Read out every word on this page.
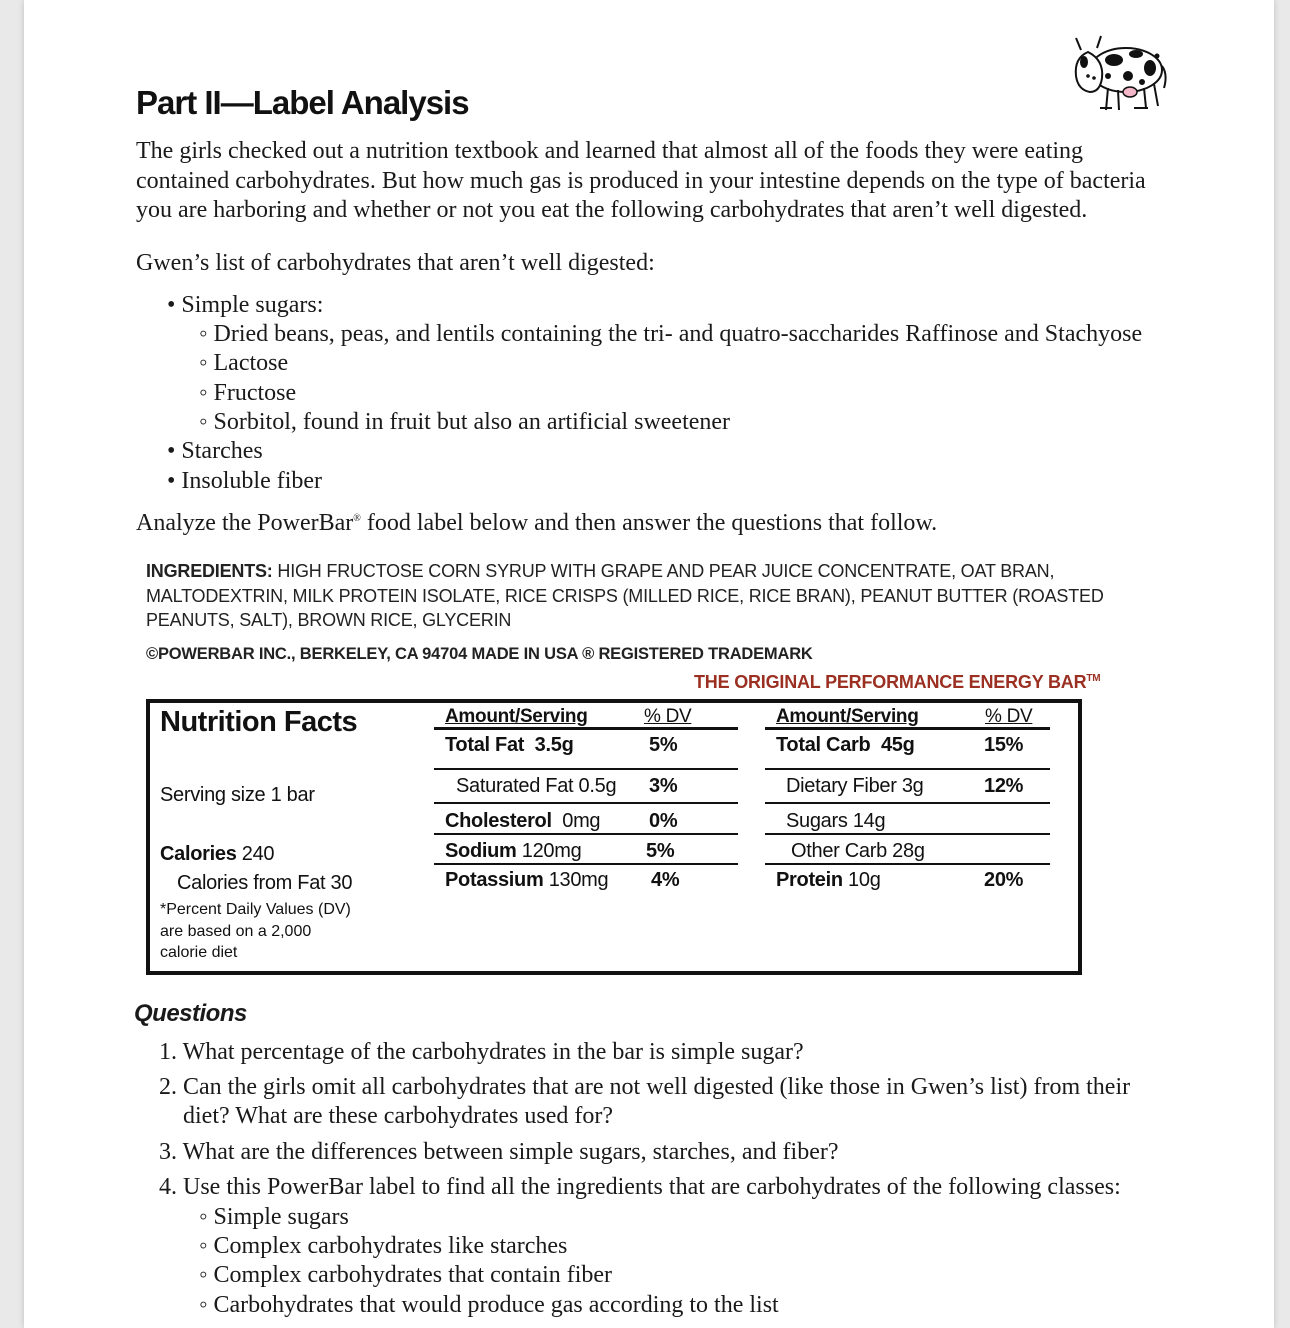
Part II—Label Analysis

The girls checked out a nutrition textbook and learned that almost all of the foods they were eating contained carbohydrates. But how much gas is produced in your intestine depends on the type of bacteria you are harboring and whether or not you eat the following carbohydrates that aren’t well digested.

Gwen’s list of carbohydrates that aren’t well digested:
• Simple sugars:
◦ Dried beans, peas, and lentils containing the tri- and quatro-saccharides Raffinose and Stachyose
◦ Lactose
◦ Fructose
◦ Sorbitol, found in fruit but also an artificial sweetener
• Starches
• Insoluble fiber
Analyze the PowerBar® food label below and then answer the questions that follow.

INGREDIENTS: HIGH FRUCTOSE CORN SYRUP WITH GRAPE AND PEAR JUICE CONCENTRATE, OAT BRAN, MALTODEXTRIN, MILK PROTEIN ISOLATE, RICE CRISPS (MILLED RICE, RICE BRAN), PEANUT BUTTER (ROASTED PEANUTS, SALT), BROWN RICE, GLYCERIN

©POWERBAR INC., BERKELEY, CA 94704 MADE IN USA ® REGISTERED TRADEMARK
THE ORIGINAL PERFORMANCE ENERGY BAR™
Nutrition Facts
Serving size 1 bar
Calories 240
Calories from Fat 30
*Percent Daily Values (DV)
are based on a 2,000
calorie diet
Amount/Serving	% DV
Total Fat 3.5g	5%
Saturated Fat 0.5g 3%
Cholesterol 0mg 0%
Sodium 120mg	5%
Potassium 130mg 4%
Amount/Serving	% DV
Total Carb 45g	15%
Dietary Fiber 3g	12%
Sugars 14g
Other Carb 28g
Protein 10g	20%
Questions
1. What percentage of the carbohydrates in the bar is simple sugar?
2. Can the girls omit all carbohydrates that are not well digested (like those in Gwen’s list) from their
diet? What are these carbohydrates used for?
3. What are the differences between simple sugars, starches, and fiber?
4. Use this PowerBar label to find all the ingredients that are carbohydrates of the following classes:
◦ Simple sugars
◦ Complex carbohydrates like starches
◦ Complex carbohydrates that contain fiber
◦ Carbohydrates that would produce gas according to the list
